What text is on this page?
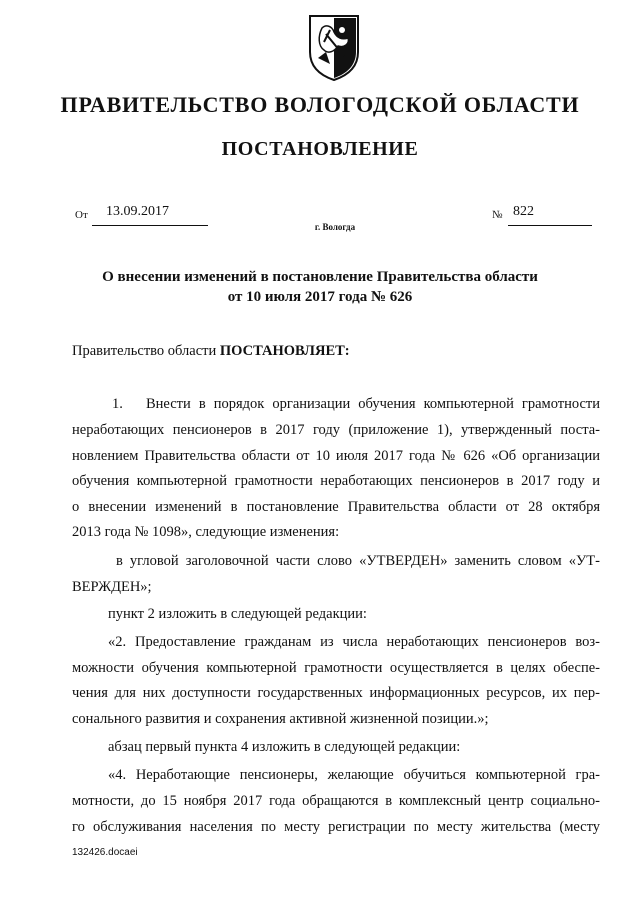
ПРАВИТЕЛЬСТВО ВОЛОГОДСКОЙ ОБЛАСТИ
ПОСТАНОВЛЕНИЕ
От 13.09.2017	№ 822
г. Вологда
О внесении изменений в постановление Правительства области
от 10 июля 2017 года № 626
Правительство области ПОСТАНОВЛЯЕТ:
1. Внести в порядок организации обучения компьютерной грамотности
неработающих пенсионеров в 2017 году (приложение 1), утвержденный поста-
новлением Правительства области от 10 июля 2017 года № 626 «Об организации
обучения компьютерной грамотности неработающих пенсионеров в 2017 году и
о внесении изменений в постановление Правительства области от 28 октября
2013 года № 1098», следующие изменения:
в угловой заголовочной части слово «УТВЕРДЕН» заменить словом «УТ-
ВЕРЖДЕН»;
пункт 2 изложить в следующей редакции:
«2. Предоставление гражданам из числа неработающих пенсионеров воз-
можности обучения компьютерной грамотности осуществляется в целях обеспе-
чения для них доступности государственных информационных ресурсов, их пер-
сонального развития и сохранения активной жизненной позиции.»;
абзац первый пункта 4 изложить в следующей редакции:
«4. Неработающие пенсионеры, желающие обучиться компьютерной гра-
мотности, до 15 ноября 2017 года обращаются в комплексный центр социально-
го обслуживания населения по месту регистрации по месту жительства (месту
132426.docaei
